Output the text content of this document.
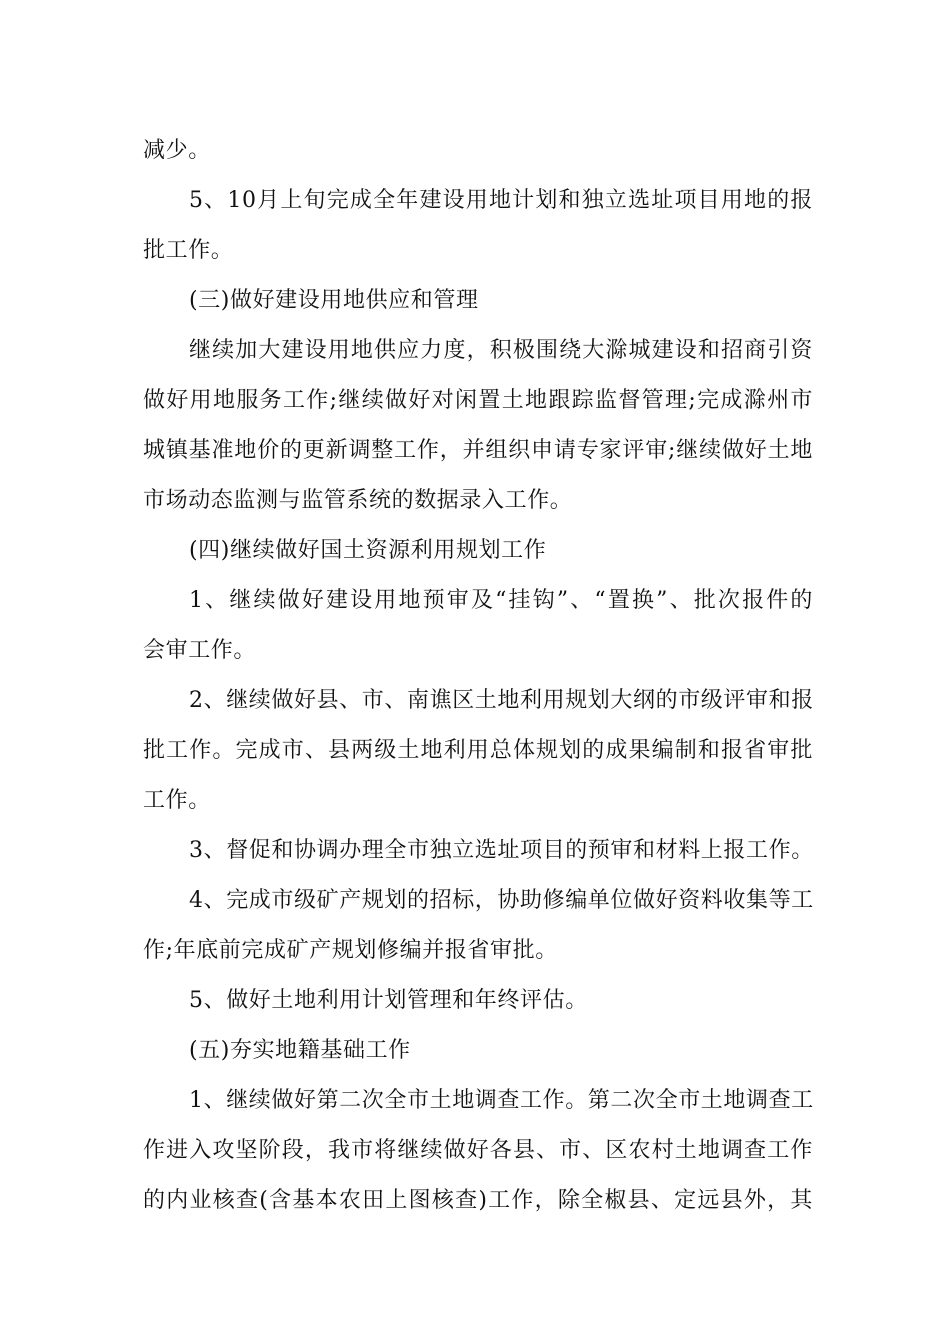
减少。
5、10月上旬完成全年建设用地计划和独立选址项目用地的报
批工作。
(三)做好建设用地供应和管理
继续加大建设用地供应力度，积极围绕大滁城建设和招商引资
做好用地服务工作;继续做好对闲置土地跟踪监督管理;完成滁州市
城镇基准地价的更新调整工作，并组织申请专家评审;继续做好土地
市场动态监测与监管系统的数据录入工作。
(四)继续做好国土资源利用规划工作
1、继续做好建设用地预审及“挂钩”、“置换”、批次报件的
会审工作。
2、继续做好县、市、南谯区土地利用规划大纲的市级评审和报
批工作。完成市、县两级土地利用总体规划的成果编制和报省审批
工作。
3、督促和协调办理全市独立选址项目的预审和材料上报工作。
4、完成市级矿产规划的招标，协助修编单位做好资料收集等工
作;年底前完成矿产规划修编并报省审批。
5、做好土地利用计划管理和年终评估。
(五)夯实地籍基础工作
1、继续做好第二次全市土地调查工作。第二次全市土地调查工
作进入攻坚阶段，我市将继续做好各县、市、区农村土地调查工作
的内业核查(含基本农田上图核查)工作，除全椒县、定远县外，其
